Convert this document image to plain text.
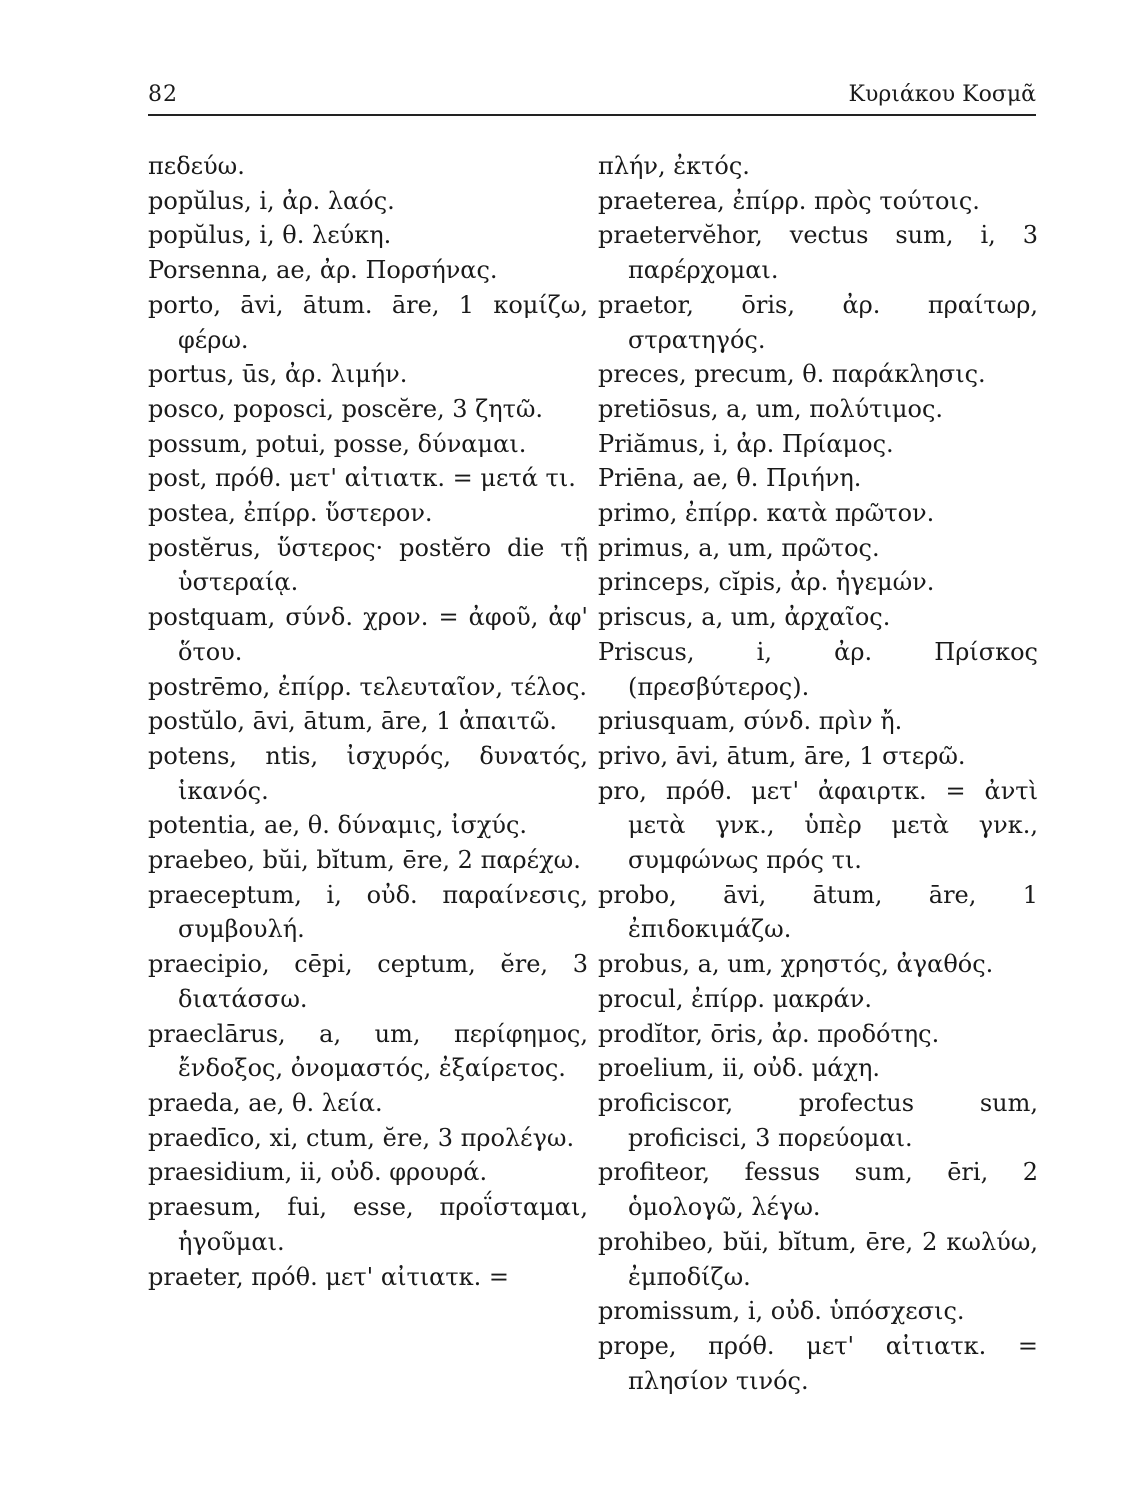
82	Κυριάκου Κοσμᾶ
πεδεύω.
popŭlus, i, ἀρ. λαός.
popŭlus, i, θ. λεύκη.
Porsenna, ae, ἀρ. Πορσήνας.
porto, āvi, ātum. āre, 1 κομίζω, φέρω.
portus, ūs, ἀρ. λιμήν.
posco, poposci, poscĕre, 3 ζητῶ.
possum, potui, posse, δύναμαι.
post, πρόθ. μετ' αἰτιατκ. = μετά τι.
postea, ἐπίρρ. ὕστερον.
postĕrus, ὕστερος· postĕro die τῇ ὑστεραίᾳ.
postquam, σύνδ. χρον. = ἀφοῦ, ἀφ' ὅτου.
postrēmo, ἐπίρρ. τελευταῖον, τέλος.
postŭlo, āvi, ātum, āre, 1 ἀπαιτῶ.
potens, ntis, ἰσχυρός, δυνατός, ἱκανός.
potentia, ae, θ. δύναμις, ἰσχύς.
praebeo, bŭi, bĭtum, ēre, 2 παρέχω.
praeceptum, i, οὐδ. παραίνεσις, συμβουλή.
praecipio, cēpi, ceptum, ĕre, 3 διατάσσω.
praeclārus, a, um, περίφημος, ἔνδοξος, ὀνομαστός, ἐξαίρετος.
praeda, ae, θ. λεία.
praedīco, xi, ctum, ĕre, 3 προλέγω.
praesidium, ii, οὐδ. φρουρά.
praesum, fui, esse, προΐσταμαι, ἡγοῦμαι.
praeter, πρόθ. μετ' αἰτιατκ. =
πλήν, ἐκτός.
praeterea, ἐπίρρ. πρὸς τούτοις.
praetervĕhor, vectus sum, i, 3 παρέρχομαι.
praetor, ōris, ἀρ. πραίτωρ, στρατηγός.
preces, precum, θ. παράκλησις.
pretiōsus, a, um, πολύτιμος.
Priămus, i, ἀρ. Πρίαμος.
Priēna, ae, θ. Πριήνη.
primo, ἐπίρρ. κατὰ πρῶτον.
primus, a, um, πρῶτος.
princeps, cĭpis, ἀρ. ἡγεμών.
priscus, a, um, ἀρχαῖος.
Priscus, i, ἀρ. Πρίσκος (πρεσβύτερος).
priusquam, σύνδ. πρὶν ἤ.
privo, āvi, ātum, āre, 1 στερῶ.
pro, πρόθ. μετ' ἀφαιρτκ. = ἀντὶ μετὰ γνκ., ὑπὲρ μετὰ γνκ., συμφώνως πρός τι.
probo, āvi, ātum, āre, 1 ἐπιδοκιμάζω.
probus, a, um, χρηστός, ἀγαθός.
procul, ἐπίρρ. μακράν.
prodĭtor, ōris, ἀρ. προδότης.
proelium, ii, οὐδ. μάχη.
proficiscor, profectus sum, proficisci, 3 πορεύομαι.
profiteor, fessus sum, ēri, 2 ὁμολογῶ, λέγω.
prohibeo, bŭi, bĭtum, ēre, 2 κωλύω, ἐμποδίζω.
promissum, i, οὐδ. ὑπόσχεσις.
prope, πρόθ. μετ' αἰτιατκ. = πλησίον τινός.
